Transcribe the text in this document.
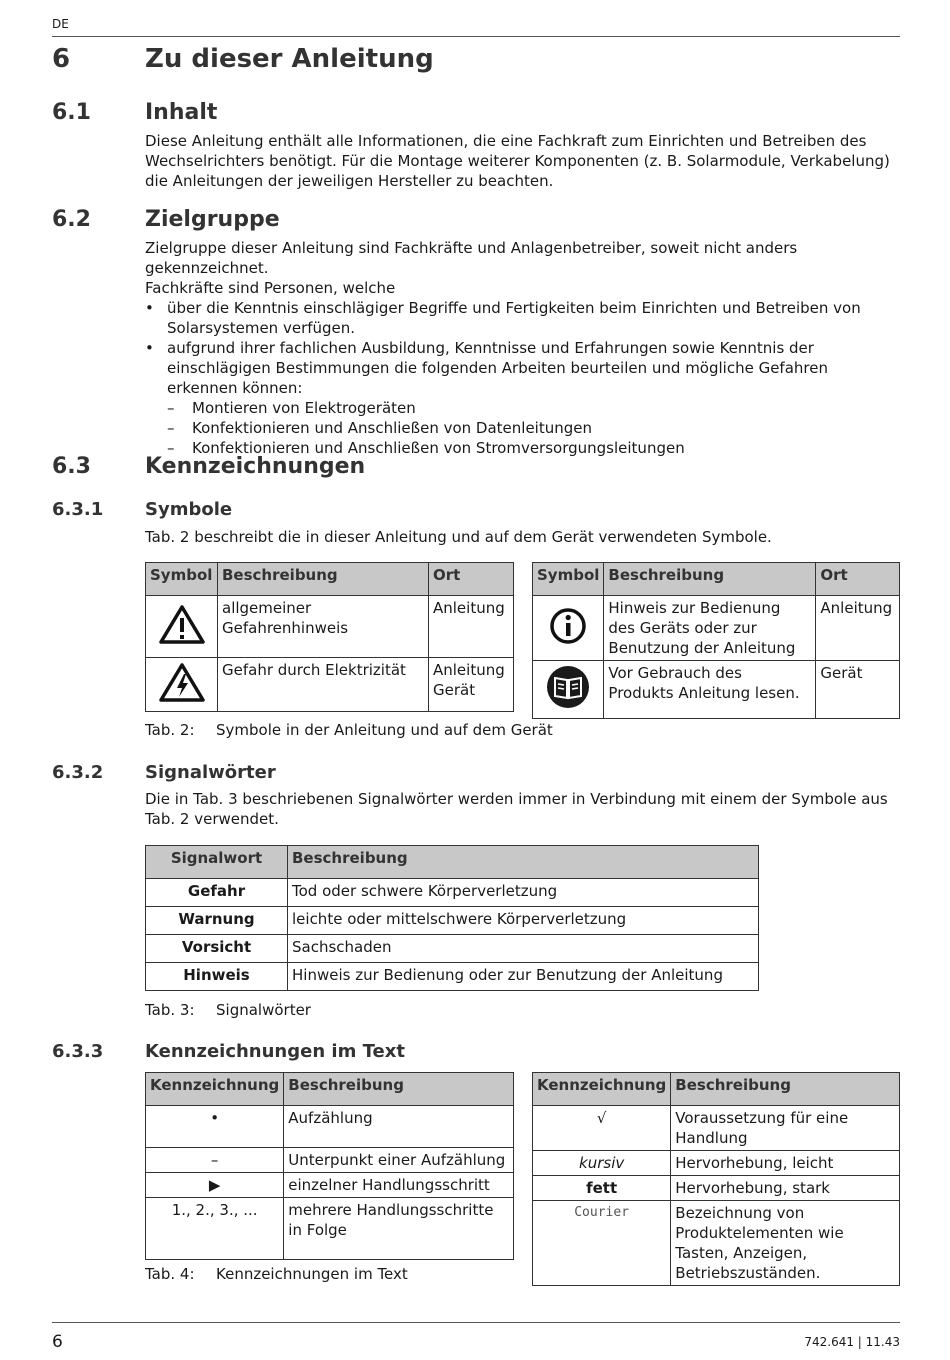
DE
6	Zu dieser Anleitung
6.1 Inhalt
Diese Anleitung enthält alle Informationen, die eine Fachkraft zum Einrichten und Betreiben des Wechselrichters benötigt. Für die Montage weiterer Komponenten (z. B. Solarmodule, Verkabelung) die Anleitungen der jeweiligen Hersteller zu beachten.
6.2 Zielgruppe
Zielgruppe dieser Anleitung sind Fachkräfte und Anlagenbetreiber, soweit nicht anders gekennzeichnet.
Fachkräfte sind Personen, welche
• über die Kenntnis einschlägiger Begriffe und Fertigkeiten beim Einrichten und Betreiben von Solarsystemen verfügen.
• aufgrund ihrer fachlichen Ausbildung, Kenntnisse und Erfahrungen sowie Kenntnis der einschlägigen Bestimmungen die folgenden Arbeiten beurteilen und mögliche Gefahren erkennen können:
– Montieren von Elektrogeräten
– Konfektionieren und Anschließen von Datenleitungen
– Konfektionieren und Anschließen von Stromversorgungsleitungen
6.3 Kennzeichnungen
6.3.1 Symbole
Tab. 2 beschreibt die in dieser Anleitung und auf dem Gerät verwendeten Symbole.
Symbol	Beschreibung	Ort
	allgemeiner Gefahrenhinweis	Anleitung
	Gefahr durch Elektrizität	Anleitung Gerät
Symbol	Beschreibung	Ort
	Hinweis zur Bedienung des Geräts oder zur Benutzung der Anleitung	Anleitung
	Vor Gebrauch des Produkts Anleitung lesen.	Gerät
Tab. 2: Symbole in der Anleitung und auf dem Gerät
6.3.2 Signalwörter
Die in Tab. 3 beschriebenen Signalwörter werden immer in Verbindung mit einem der Symbole aus Tab. 2 verwendet.
Signalwort	Beschreibung
Gefahr	Tod oder schwere Körperverletzung
Warnung	leichte oder mittelschwere Körperverletzung
Vorsicht	Sachschaden
Hinweis	Hinweis zur Bedienung oder zur Benutzung der Anleitung
Tab. 3: Signalwörter
6.3.3 Kennzeichnungen im Text
Kennzeichnung	Beschreibung
•	Aufzählung
–	Unterpunkt einer Aufzählung
▶	einzelner Handlungsschritt
1., 2., 3., ...	mehrere Handlungsschritte in Folge
Kennzeichnung	Beschreibung
√	Voraussetzung für eine Handlung
kursiv	Hervorhebung, leicht
fett	Hervorhebung, stark
Courier	Bezeichnung von Produktelementen wie Tasten, Anzeigen, Betriebszuständen.
Tab. 4: Kennzeichnungen im Text
6	742.641 | 11.43
